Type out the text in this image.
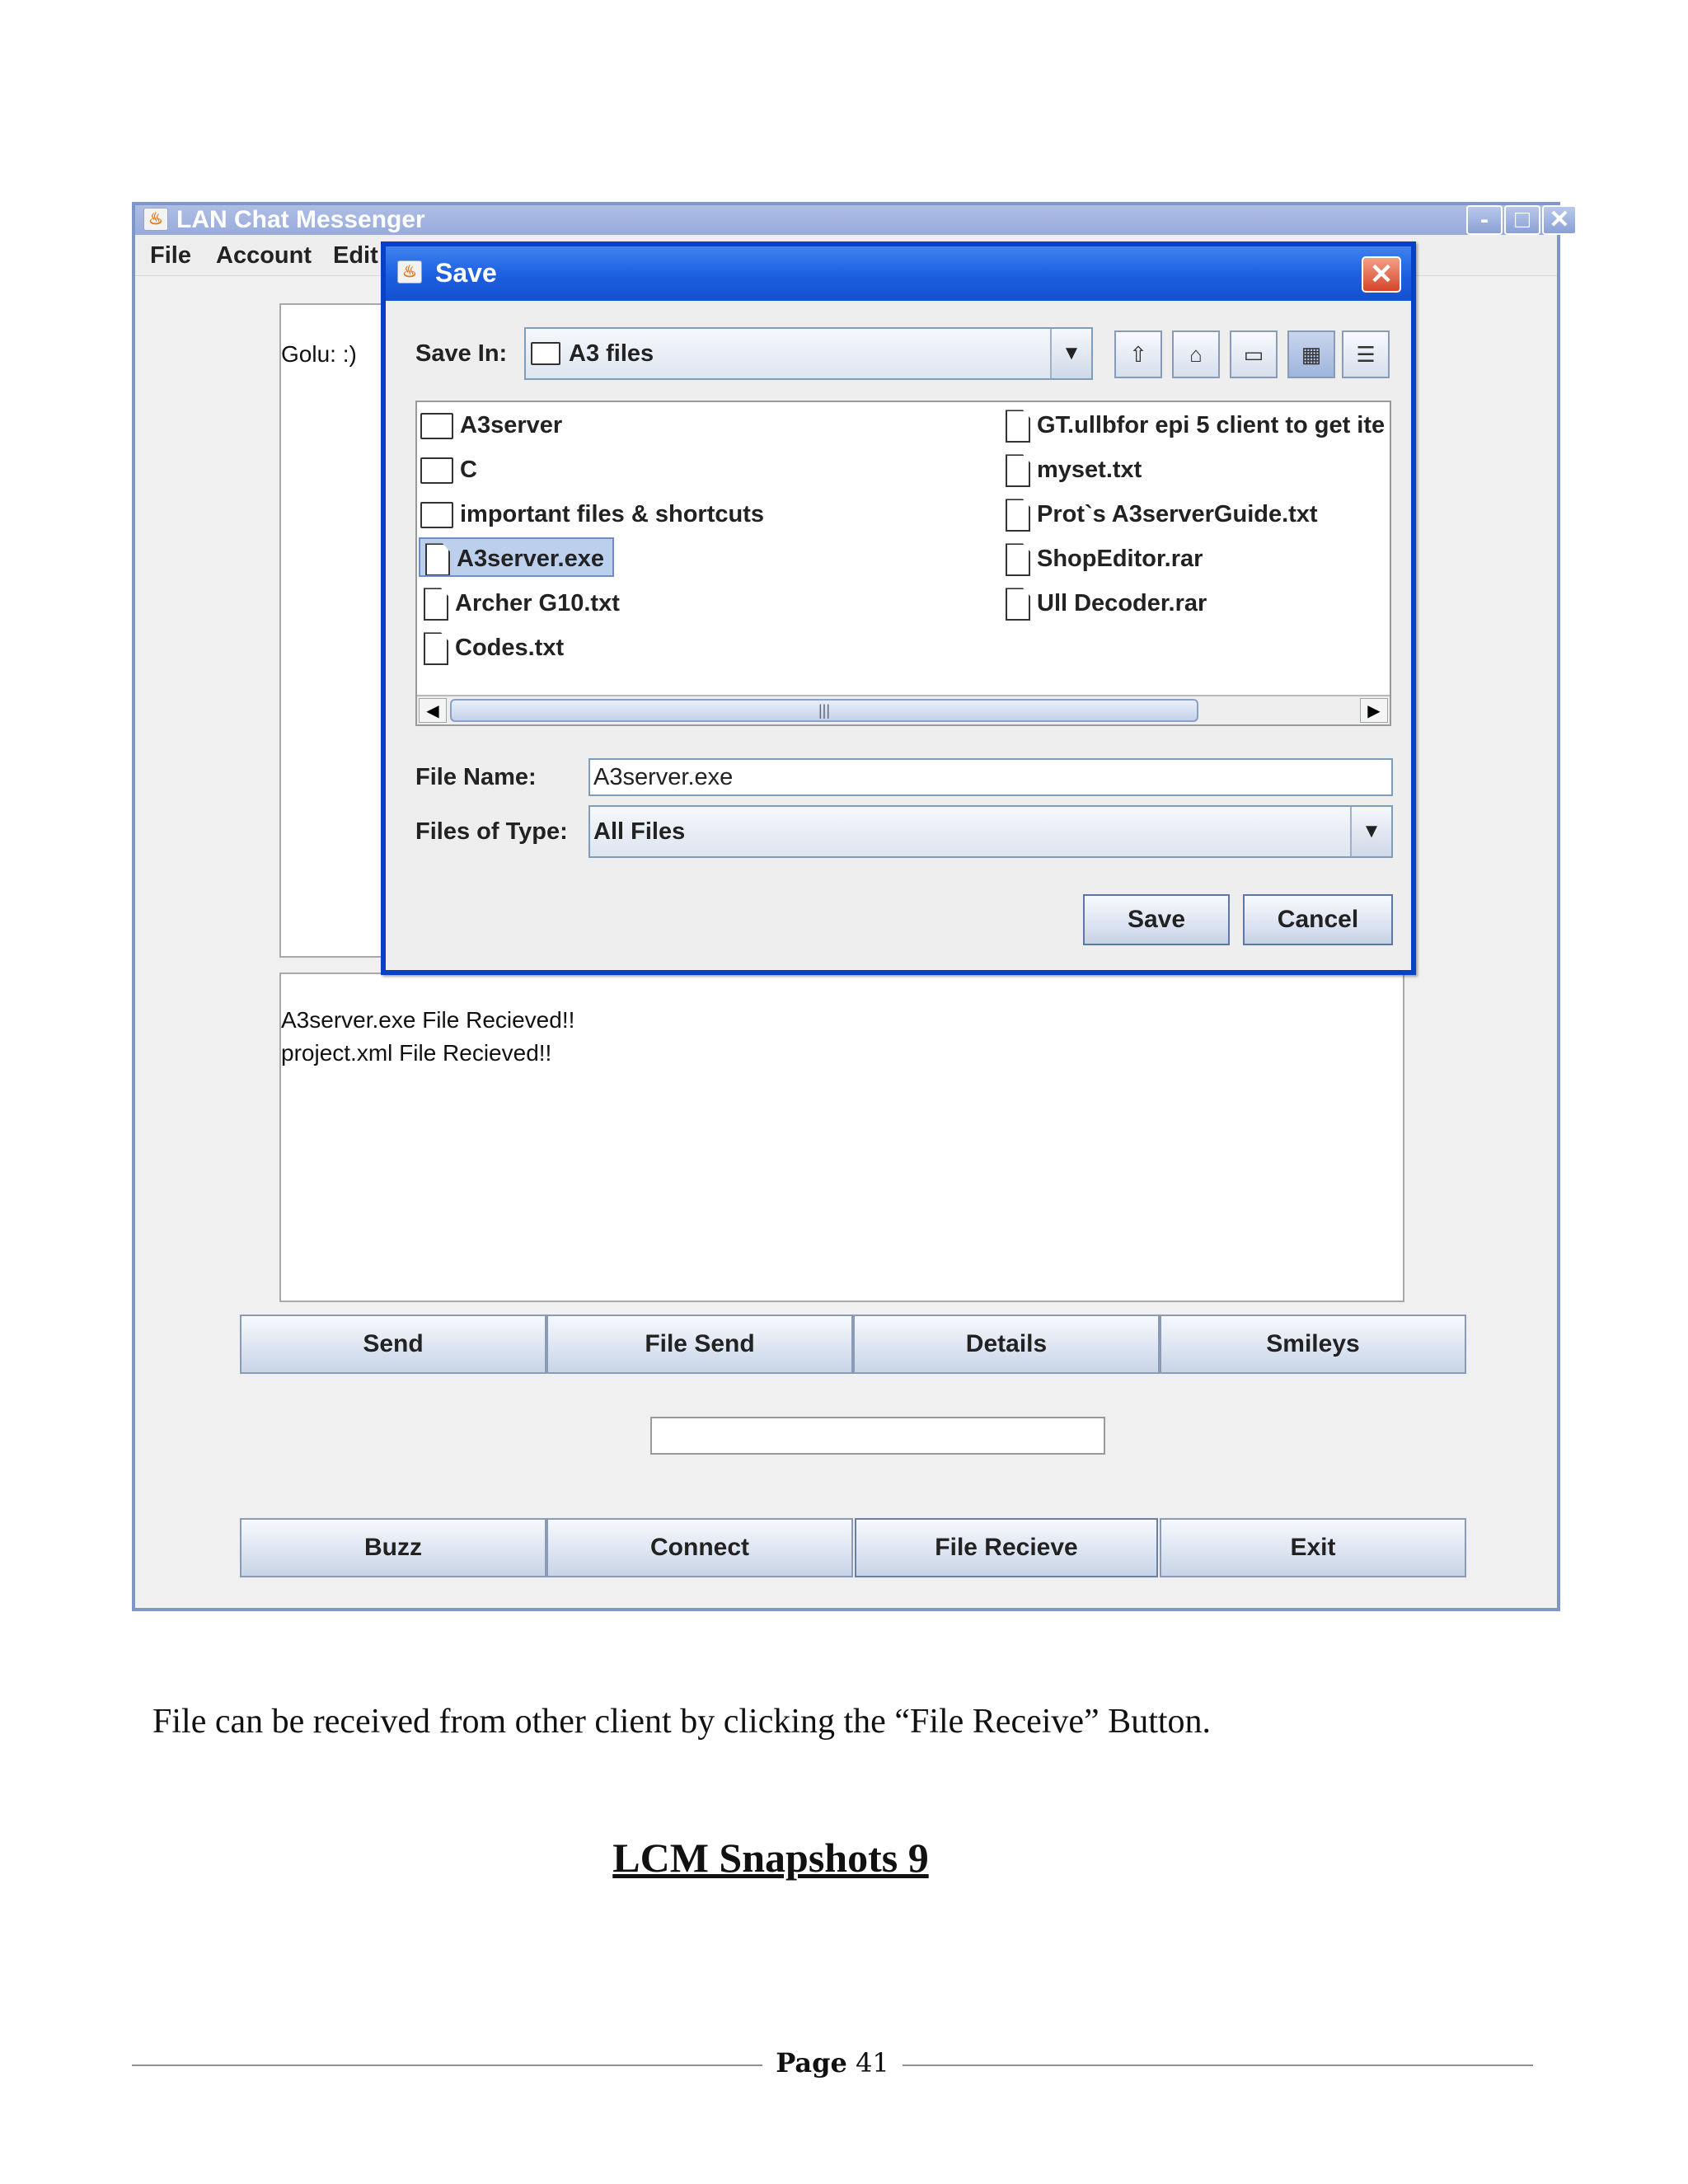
♨ LAN Chat Messenger	-	□ ✕
File Account Edit
Golu: :)
A3server.exe File Recieved!!
project.xml File Recieved!!
Send	File Send	Details	Smileys
Buzz	Connect	File Recieve	Exit
♨ Save	✕
Save In:	A3 files	▼	⇧	⌂	▭	▦	☰
A3server
C
important files & shortcuts
A3server.exe
Archer G10.txt
Codes.txt
GT.ullbfor epi 5 client to get ite
myset.txt
Prot`s A3serverGuide.txt
ShopEditor.rar
Ull Decoder.rar
◀	|||	▶
File Name: A3server.exe
Files of Type: All Files	▼
Save	Cancel
File can be received from other client by clicking the “File Receive” Button.
LCM Snapshots 9
Page 41
